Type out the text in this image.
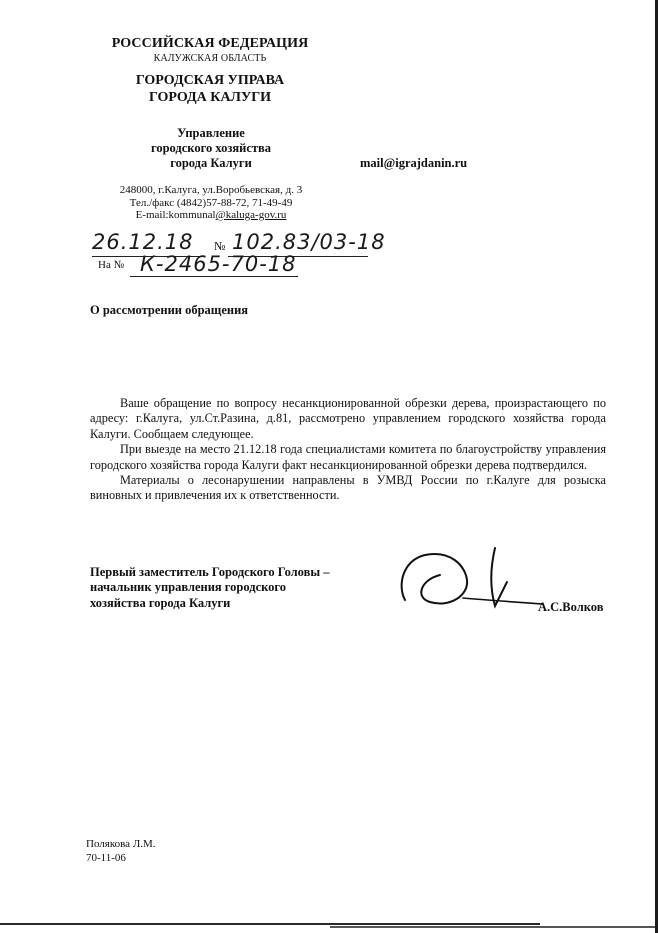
РОССИЙСКАЯ ФЕДЕРАЦИЯ
КАЛУЖСКАЯ ОБЛАСТЬ
ГОРОДСКАЯ УПРАВА
ГОРОДА КАЛУГИ
Управление
городского хозяйства
города Калуги	mail@igrajdanin.ru
248000, г.Калуга, ул.Воробьевская, д. 3
Тел./факс (4842)57-88-72, 71-49-49
E-mail:kommunal@kaluga-gov.ru
26.12.18 № 102.83/03-18
На № К-2465-70-18
О рассмотрении обращения

Ваше обращение по вопросу несанкционированной обрезки дерева, произрастающего по адресу: г.Калуга, ул.Ст.Разина, д.81, рассмотрено управлением городского хозяйства города Калуги. Сообщаем следующее.

При выезде на место 21.12.18 года специалистами комитета по благоустройству управления городского хозяйства города Калуги факт несанкционированной обрезки дерева подтвердился.

Материалы о лесонарушении направлены в УМВД России по г.Калуге для розыска виновных и привлечения их к ответственности.

Первый заместитель Городского Головы –
начальник управления городского
хозяйства города Калуги	А.С.Волков
Полякова Л.М.
70-11-06
